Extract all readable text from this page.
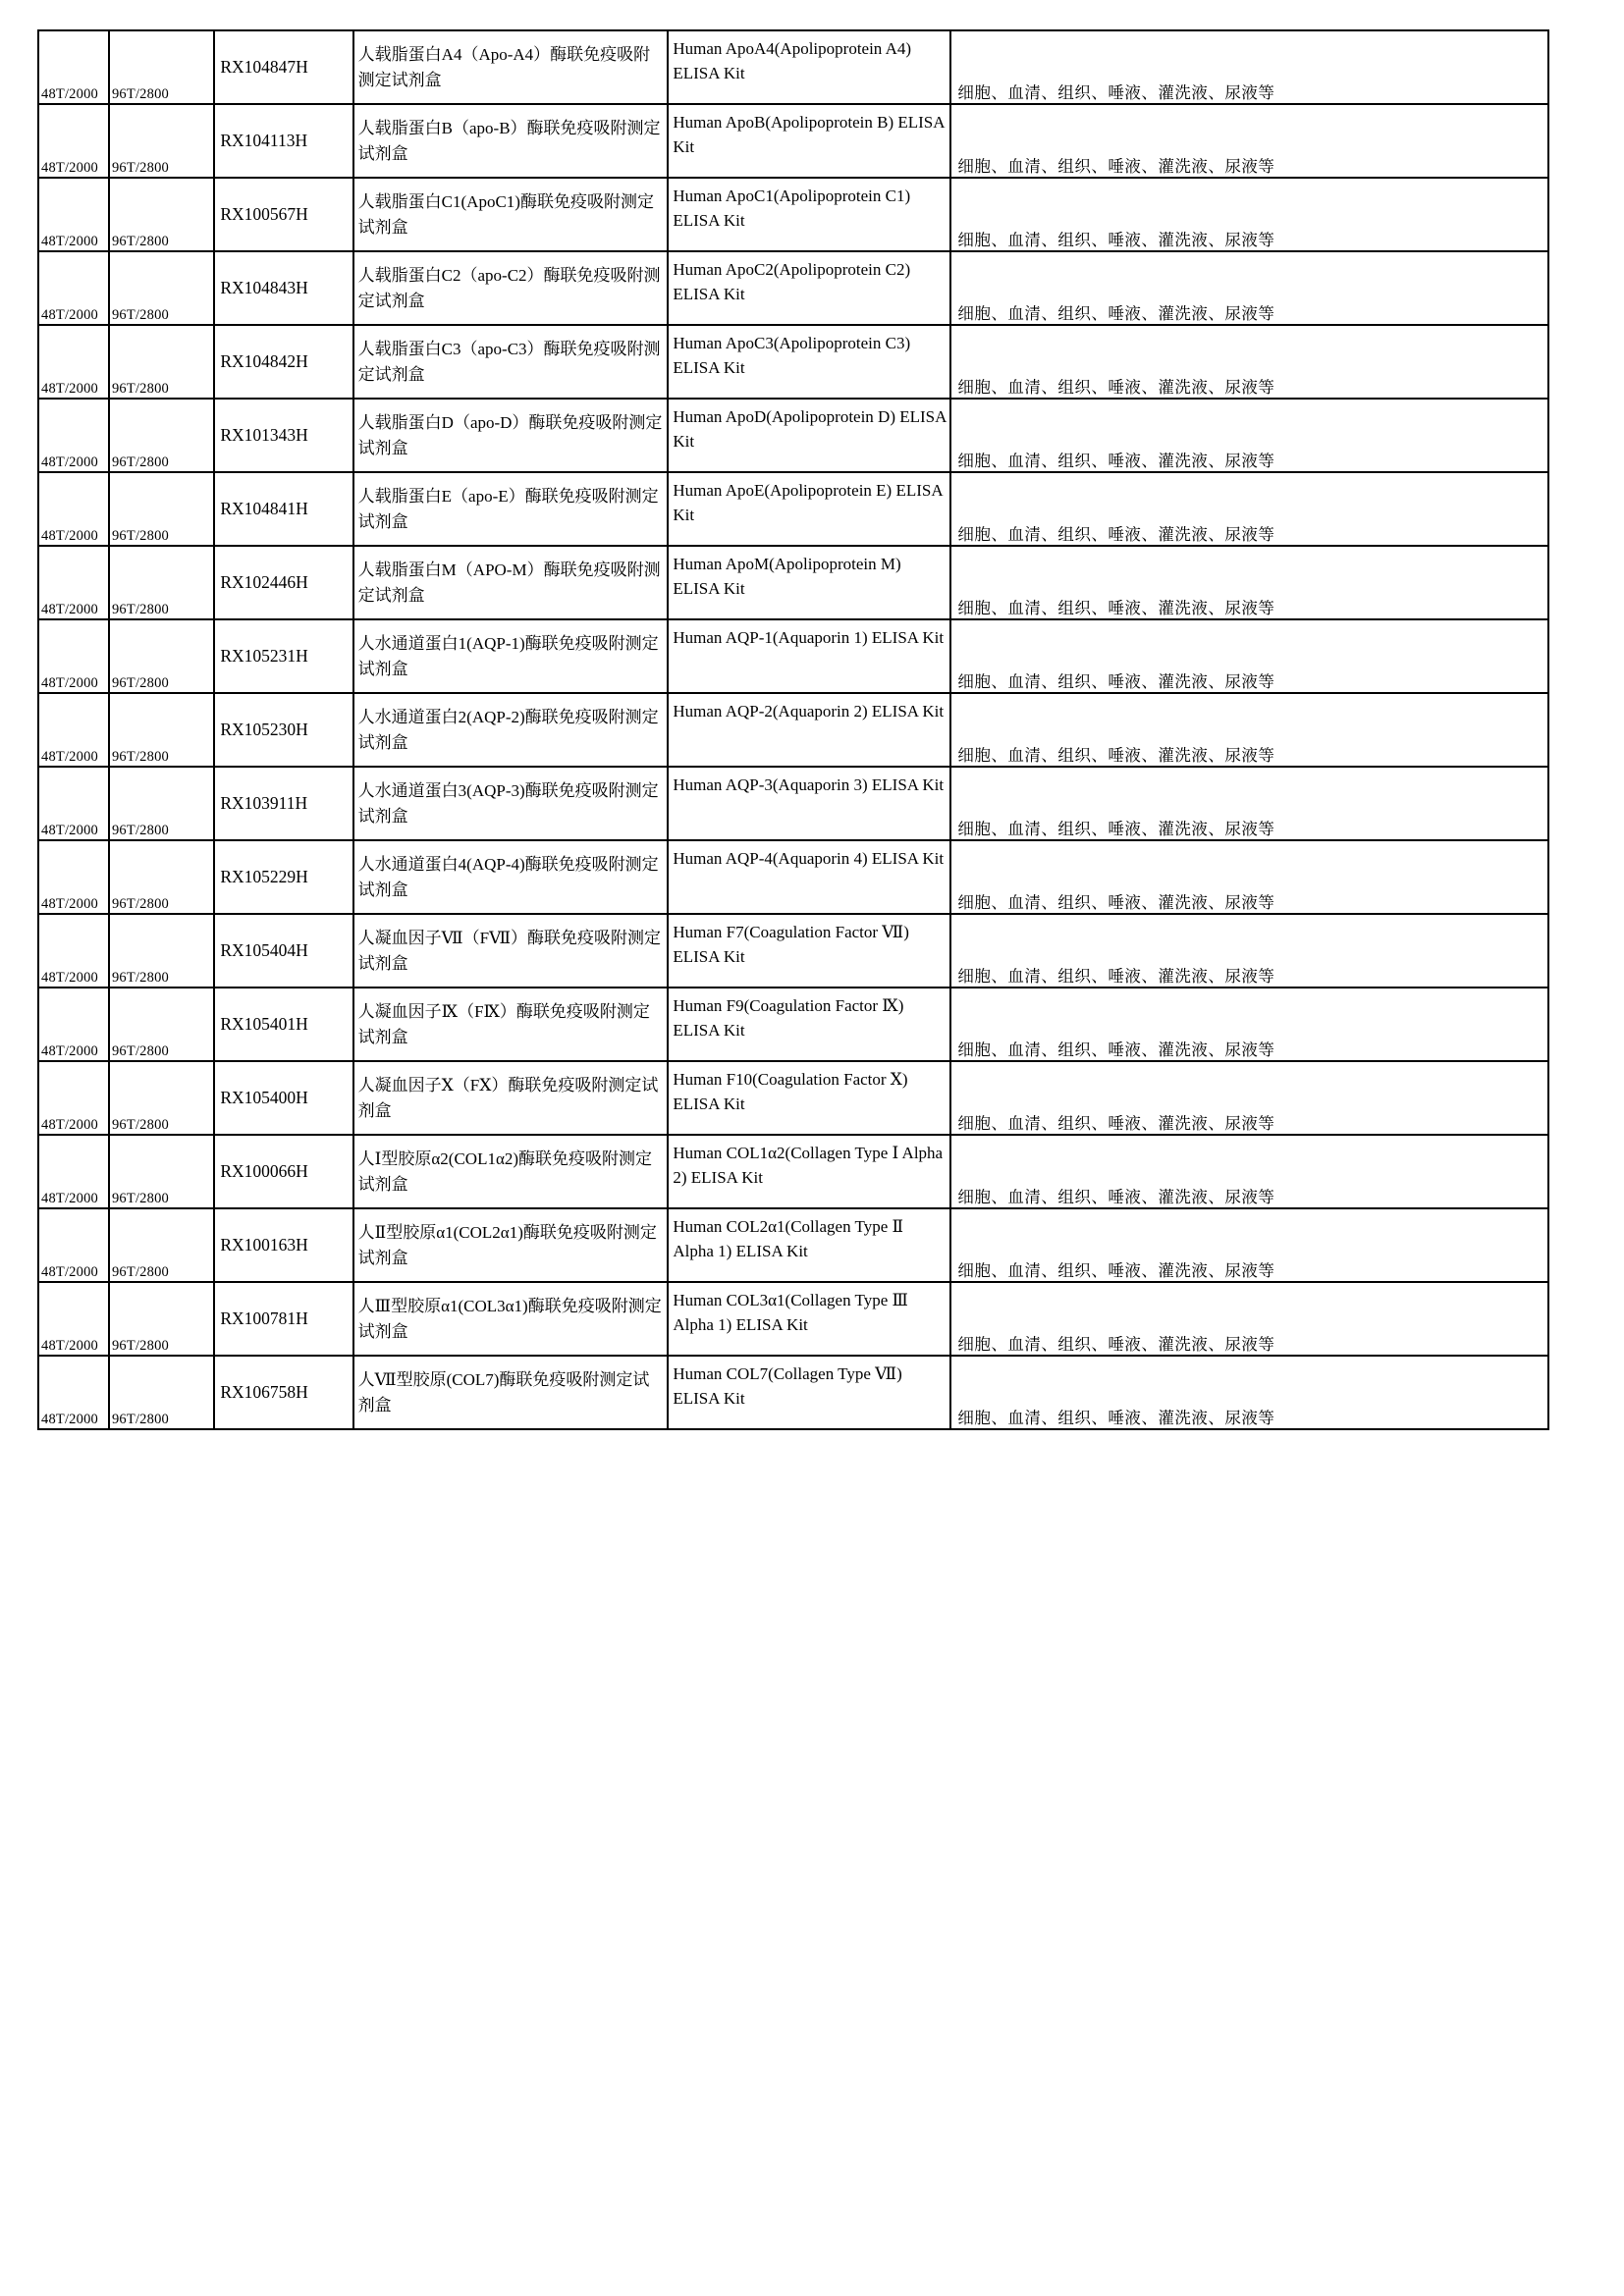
48T/2000	96T/2800	RX104847H	人载脂蛋白A4（Apo-A4）酶联免疫吸附测定试剂盒	Human ApoA4(Apolipoprotein A4) ELISA Kit	细胞、血清、组织、唾液、灌洗液、尿液等

48T/2000	96T/2800	RX104113H	人载脂蛋白B（apo-B）酶联免疫吸附测定试剂盒	Human ApoB(Apolipoprotein B) ELISA Kit	细胞、血清、组织、唾液、灌洗液、尿液等

48T/2000	96T/2800	RX100567H	人载脂蛋白C1(ApoC1)酶联免疫吸附测定试剂盒	Human ApoC1(Apolipoprotein C1) ELISA Kit	细胞、血清、组织、唾液、灌洗液、尿液等

48T/2000	96T/2800	RX104843H	人载脂蛋白C2（apo-C2）酶联免疫吸附测定试剂盒	Human ApoC2(Apolipoprotein C2) ELISA Kit	细胞、血清、组织、唾液、灌洗液、尿液等

48T/2000	96T/2800	RX104842H	人载脂蛋白C3（apo-C3）酶联免疫吸附测定试剂盒	Human ApoC3(Apolipoprotein C3) ELISA Kit	细胞、血清、组织、唾液、灌洗液、尿液等

48T/2000	96T/2800	RX101343H	人载脂蛋白D（apo-D）酶联免疫吸附测定试剂盒	Human ApoD(Apolipoprotein D) ELISA Kit	细胞、血清、组织、唾液、灌洗液、尿液等

48T/2000	96T/2800	RX104841H	人载脂蛋白E（apo-E）酶联免疫吸附测定试剂盒	Human ApoE(Apolipoprotein E) ELISA Kit	细胞、血清、组织、唾液、灌洗液、尿液等

48T/2000	96T/2800	RX102446H	人载脂蛋白M（APO-M）酶联免疫吸附测定试剂盒	Human ApoM(Apolipoprotein M) ELISA Kit	细胞、血清、组织、唾液、灌洗液、尿液等

48T/2000	96T/2800	RX105231H	人水通道蛋白1(AQP-1)酶联免疫吸附测定试剂盒	Human AQP-1(Aquaporin 1) ELISA Kit	细胞、血清、组织、唾液、灌洗液、尿液等

48T/2000	96T/2800	RX105230H	人水通道蛋白2(AQP-2)酶联免疫吸附测定试剂盒	Human AQP-2(Aquaporin 2) ELISA Kit	细胞、血清、组织、唾液、灌洗液、尿液等

48T/2000	96T/2800	RX103911H	人水通道蛋白3(AQP-3)酶联免疫吸附测定试剂盒	Human AQP-3(Aquaporin 3) ELISA Kit	细胞、血清、组织、唾液、灌洗液、尿液等

48T/2000	96T/2800	RX105229H	人水通道蛋白4(AQP-4)酶联免疫吸附测定试剂盒	Human AQP-4(Aquaporin 4) ELISA Kit	细胞、血清、组织、唾液、灌洗液、尿液等

48T/2000	96T/2800	RX105404H	人凝血因子Ⅶ（FⅦ）酶联免疫吸附测定试剂盒	Human F7(Coagulation Factor Ⅶ) ELISA Kit	细胞、血清、组织、唾液、灌洗液、尿液等

48T/2000	96T/2800	RX105401H	人凝血因子Ⅸ（FⅨ）酶联免疫吸附测定试剂盒	Human F9(Coagulation Factor Ⅸ) ELISA Kit	细胞、血清、组织、唾液、灌洗液、尿液等

48T/2000	96T/2800	RX105400H	人凝血因子Ⅹ（FⅩ）酶联免疫吸附测定试剂盒	Human F10(Coagulation Factor Ⅹ) ELISA Kit	细胞、血清、组织、唾液、灌洗液、尿液等

48T/2000	96T/2800	RX100066H	人Ⅰ型胶原α2(COL1α2)酶联免疫吸附测定试剂盒	Human COL1α2(Collagen Type Ⅰ Alpha 2) ELISA Kit	细胞、血清、组织、唾液、灌洗液、尿液等

48T/2000	96T/2800	RX100163H	人Ⅱ型胶原α1(COL2α1)酶联免疫吸附测定试剂盒	Human COL2α1(Collagen Type Ⅱ Alpha 1) ELISA Kit	细胞、血清、组织、唾液、灌洗液、尿液等

48T/2000	96T/2800	RX100781H	人Ⅲ型胶原α1(COL3α1)酶联免疫吸附测定试剂盒	Human COL3α1(Collagen Type Ⅲ Alpha 1) ELISA Kit	细胞、血清、组织、唾液、灌洗液、尿液等

48T/2000	96T/2800	RX106758H	人Ⅶ型胶原(COL7)酶联免疫吸附测定试剂盒	Human COL7(Collagen Type Ⅶ) ELISA Kit	细胞、血清、组织、唾液、灌洗液、尿液等
